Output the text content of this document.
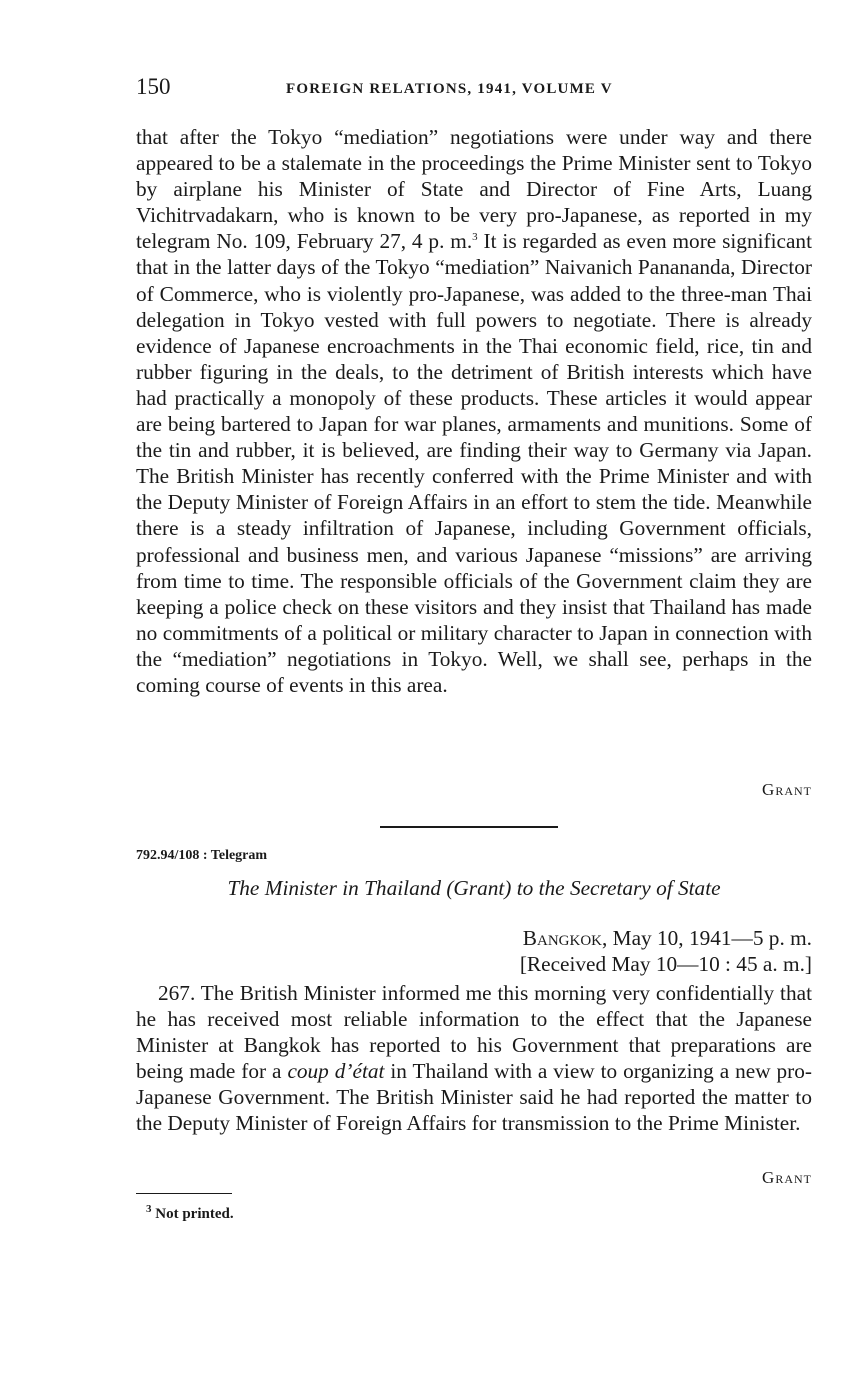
150	FOREIGN RELATIONS, 1941, VOLUME V

that after the Tokyo “mediation” negotiations were under way and there appeared to be a stalemate in the proceedings the Prime Minister sent to Tokyo by airplane his Minister of State and Director of Fine Arts, Luang Vichitrvadakarn, who is known to be very pro-Japanese, as reported in my telegram No. 109, February 27, 4 p. m.$^3$ It is regarded as even more significant that in the latter days of the Tokyo “mediation” Naivanich Panananda, Director of Commerce, who is violently pro-Japanese, was added to the three-man Thai delegation in Tokyo vested with full powers to negotiate. There is already evidence of Japanese encroachments in the Thai economic field, rice, tin and rubber figuring in the deals, to the detriment of British interests which have had practically a monopoly of these products. These articles it would appear are being bartered to Japan for war planes, armaments and munitions. Some of the tin and rubber, it is believed, are finding their way to Germany via Japan. The British Minister has recently conferred with the Prime Minister and with the Deputy Minister of Foreign Affairs in an effort to stem the tide. Meanwhile there is a steady infiltration of Japanese, including Government officials, professional and business men, and various Japanese “missions” are arriving from time to time. The responsible officials of the Government claim they are keeping a police check on these visitors and they insist that Thailand has made no commitments of a political or military character to Japan in connection with the “mediation” negotiations in Tokyo. Well, we shall see, perhaps in the coming course of events in this area.

Grant
792.94/108 : Telegram
The Minister in Thailand (Grant) to the Secretary of State
Bangkok, May 10, 1941—5 p. m.
[Received May 10—10 : 45 a. m.]

267. The British Minister informed me this morning very confidentially that he has received most reliable information to the effect that the Japanese Minister at Bangkok has reported to his Government that preparations are being made for a coup d’état in Thailand with a view to organizing a new pro-Japanese Government. The British Minister said he had reported the matter to the Deputy Minister of Foreign Affairs for transmission to the Prime Minister.

Grant
$^3$ Not printed.
